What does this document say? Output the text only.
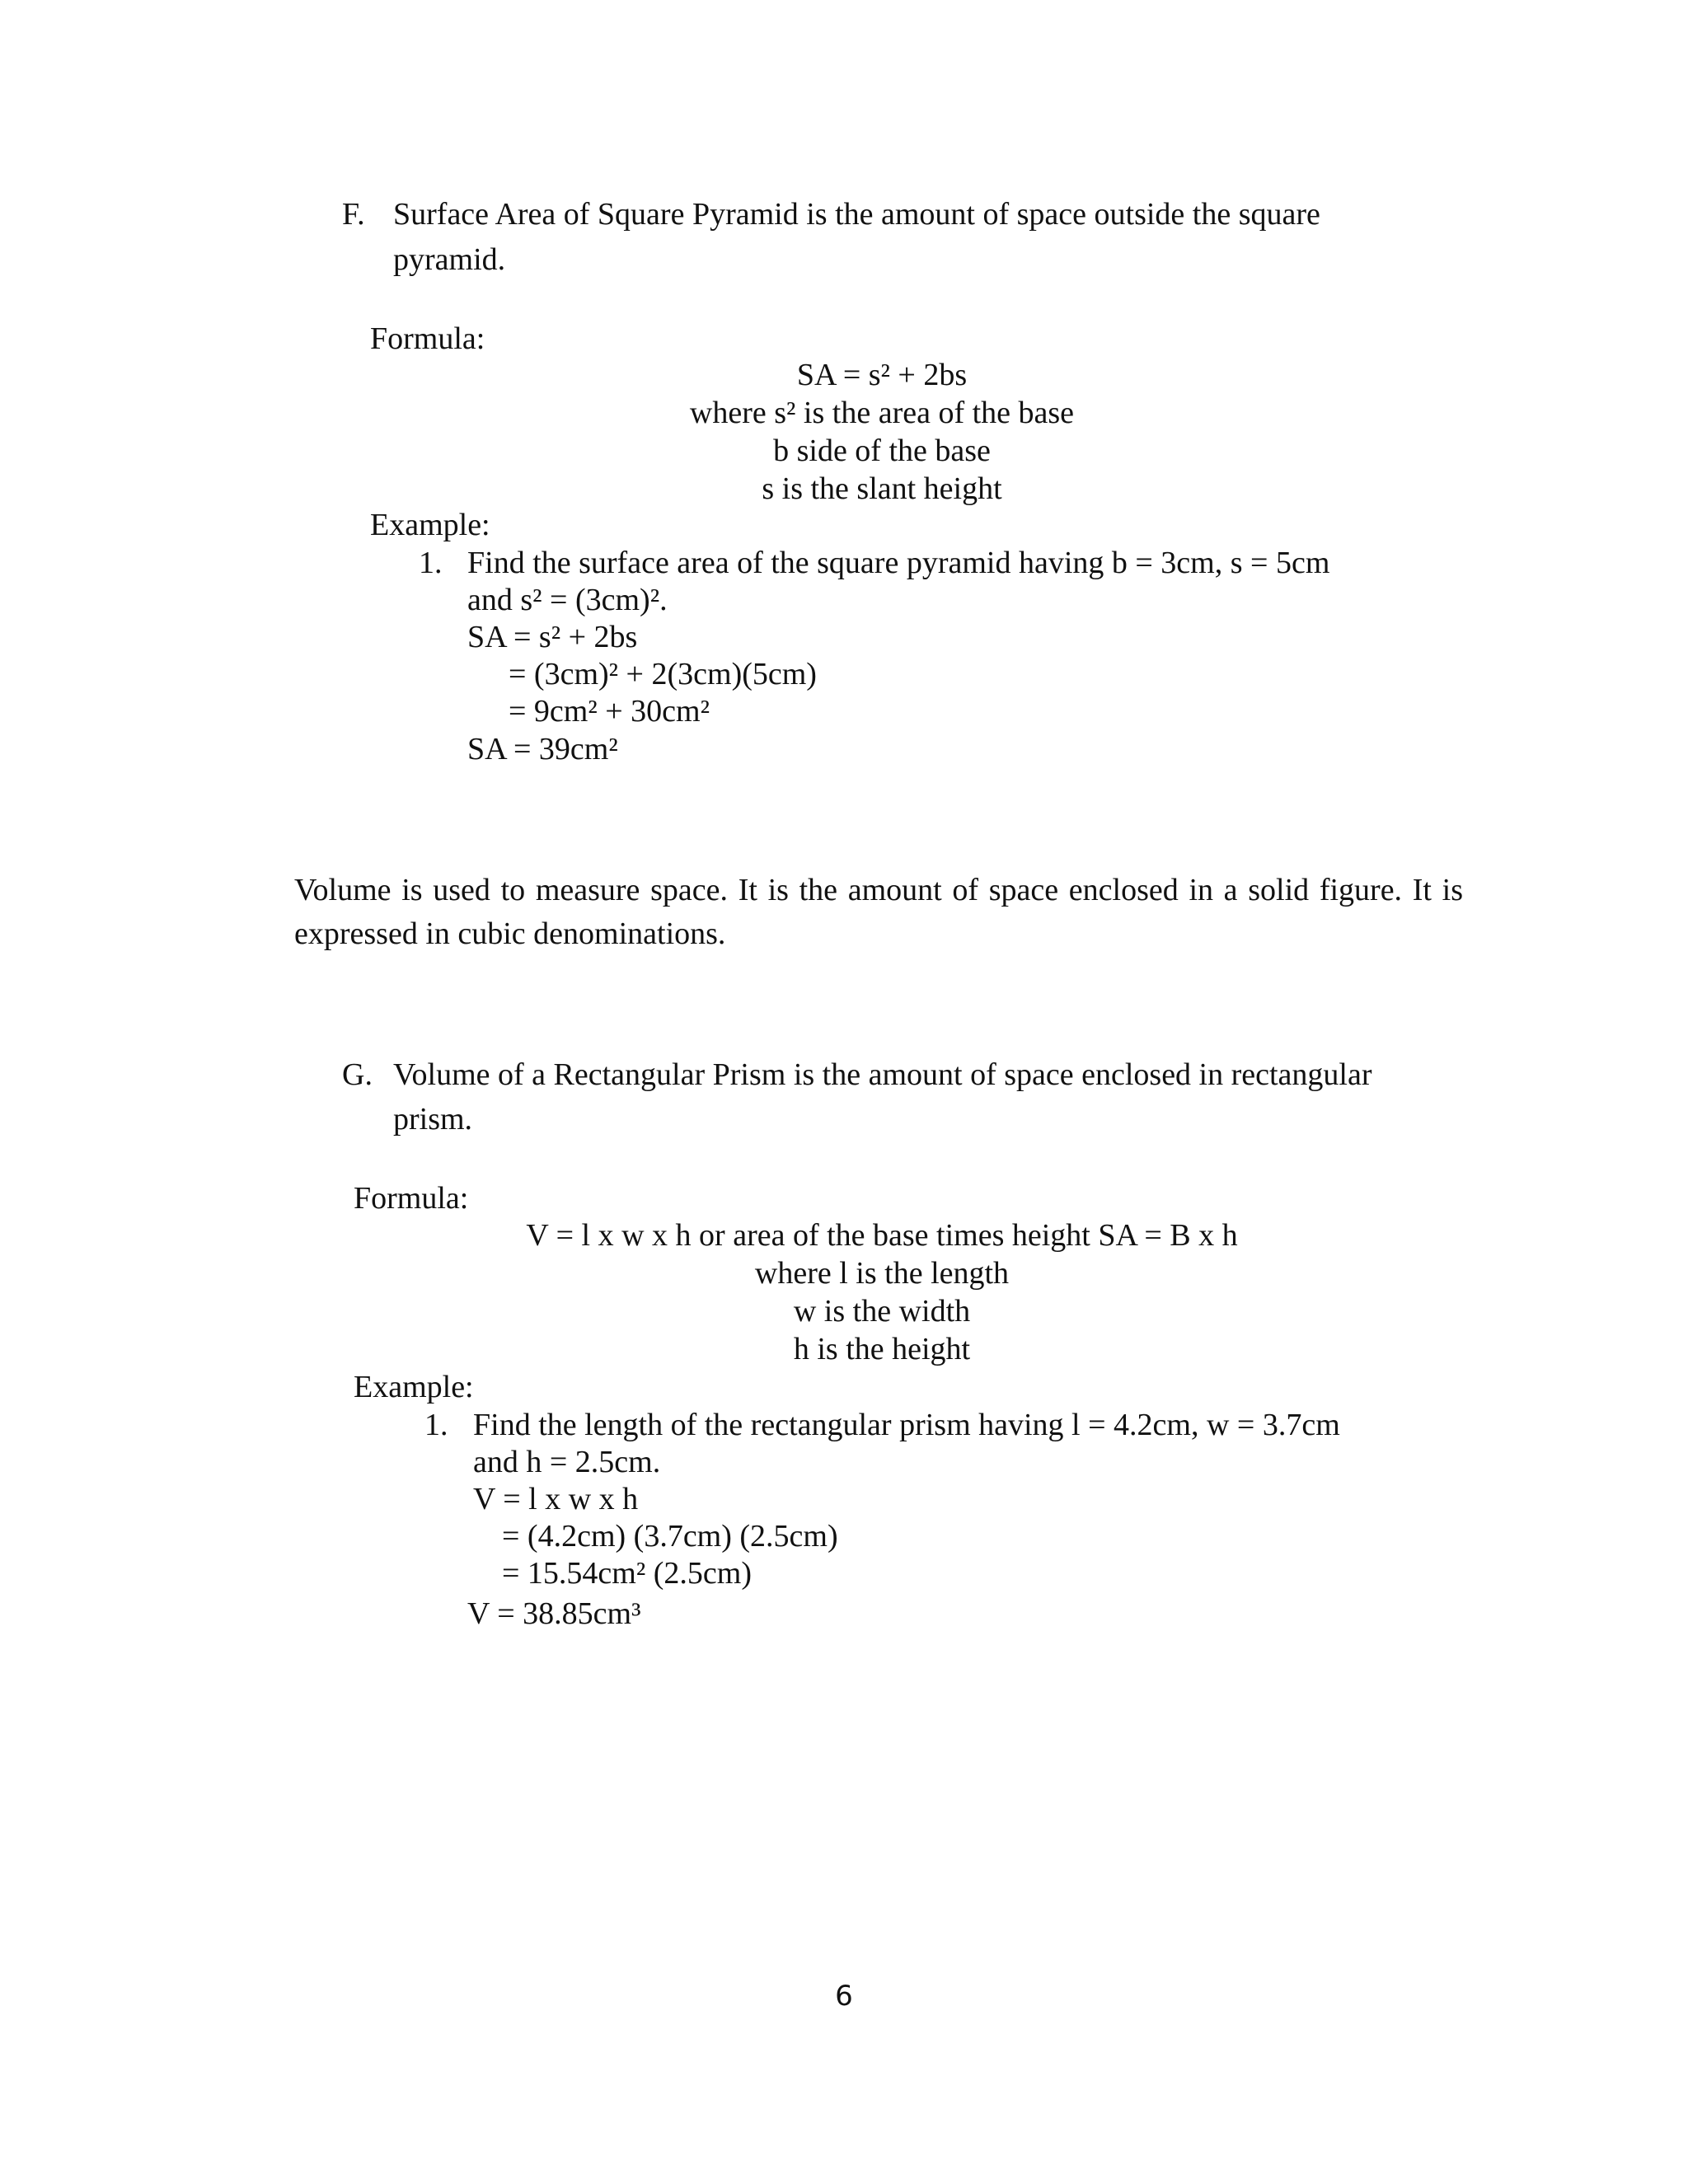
F. Surface Area of Square Pyramid is the amount of space outside the square
pyramid.
Formula:
SA = s² + 2bs
where s² is the area of the base
b side of the base
s is the slant height
Example:
1. Find the surface area of the square pyramid having b = 3cm, s = 5cm
and s² = (3cm)².
SA = s² + 2bs
= (3cm)² + 2(3cm)(5cm)
= 9cm² + 30cm²
SA = 39cm²
Volume is used to measure space. It is the amount of space enclosed in a solid figure. It is expressed in cubic denominations.
G. Volume of a Rectangular Prism is the amount of space enclosed in rectangular
prism.
Formula:
V = l x w x h or area of the base times height SA = B x h
where l is the length
w is the width
h is the height
Example:
1. Find the length of the rectangular prism having l = 4.2cm, w = 3.7cm
and h = 2.5cm.
V = l x w x h
= (4.2cm) (3.7cm) (2.5cm)
= 15.54cm² (2.5cm)
V = 38.85cm³
6
